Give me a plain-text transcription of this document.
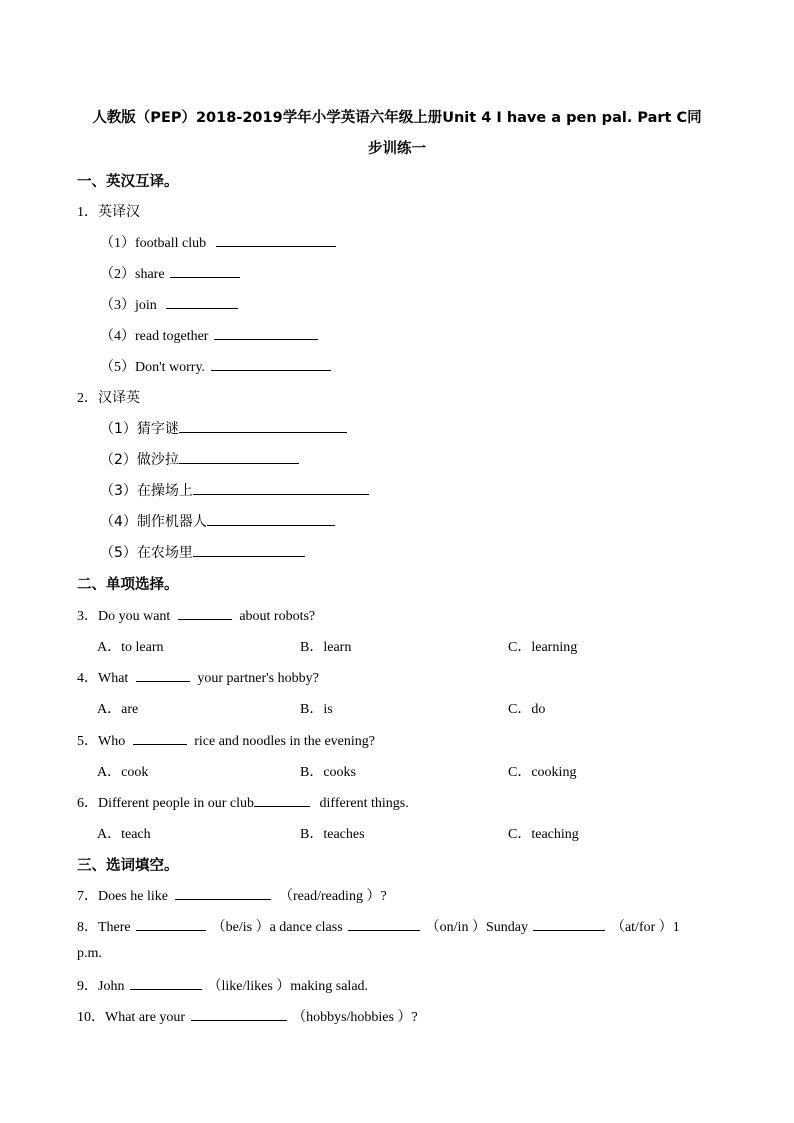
人教版（PEP）2018-2019学年小学英语六年级上册Unit 4 I have a pen pal. Part C同
步训练一
一、英汉互译。
1．英译汉
（1）football club
（2）share
（3）join
（4）read together
（5）Don't worry.
2．汉译英
（1）猜字谜
（2）做沙拉
（3）在操场上
（4）制作机器人
（5）在农场里
二、单项选择。
3．Do you want	about robots?
A．to learn	B．learn	C．learning
4．What	your partner's hobby?
A．are	B．is	C．do
5．Who	rice and noodles in the evening?
A．cook	B．cooks	C．cooking
6．Different people in our club	different things.
A．teach	B．teaches	C．teaching
三、选词填空。
7．Does he like	（read/reading ）?
8．There	（be/is ）a dance class	（on/in ）Sunday	（at/for ）1
p.m.
9．John	（like/likes ）making salad.
10．What are your	（hobbys/hobbies ）?
